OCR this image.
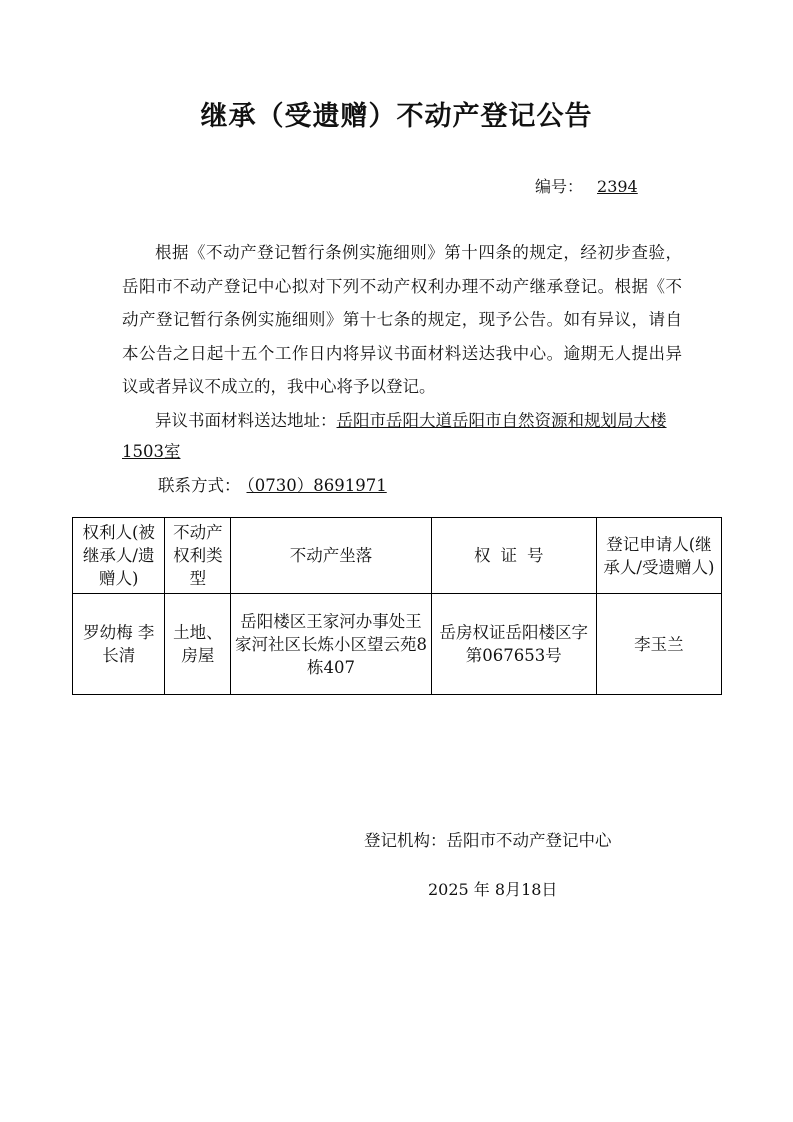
继承（受遗赠）不动产登记公告
编号： 2394
根据《不动产登记暂行条例实施细则》第十四条的规定，经初步查验，岳阳市不动产登记中心拟对下列不动产权利办理不动产继承登记。根据《不动产登记暂行条例实施细则》第十七条的规定，现予公告。如有异议，请自本公告之日起十五个工作日内将异议书面材料送达我中心。逾期无人提出异议或者异议不成立的，我中心将予以登记。
异议书面材料送达地址：岳阳市岳阳大道岳阳市自然资源和规划局大楼1503室
联系方式： （0730）8691971
权利人(被继承人/遗赠人)	不动产权利类型	不动产坐落	权证号	登记申请人(继承人/受遗赠人)
罗幼梅 李长清	土地、房屋	岳阳楼区王家河办事处王家河社区长炼小区望云苑8栋407	岳房权证岳阳楼区字第067653号	李玉兰
登记机构：岳阳市不动产登记中心
2025 年 8月18日
